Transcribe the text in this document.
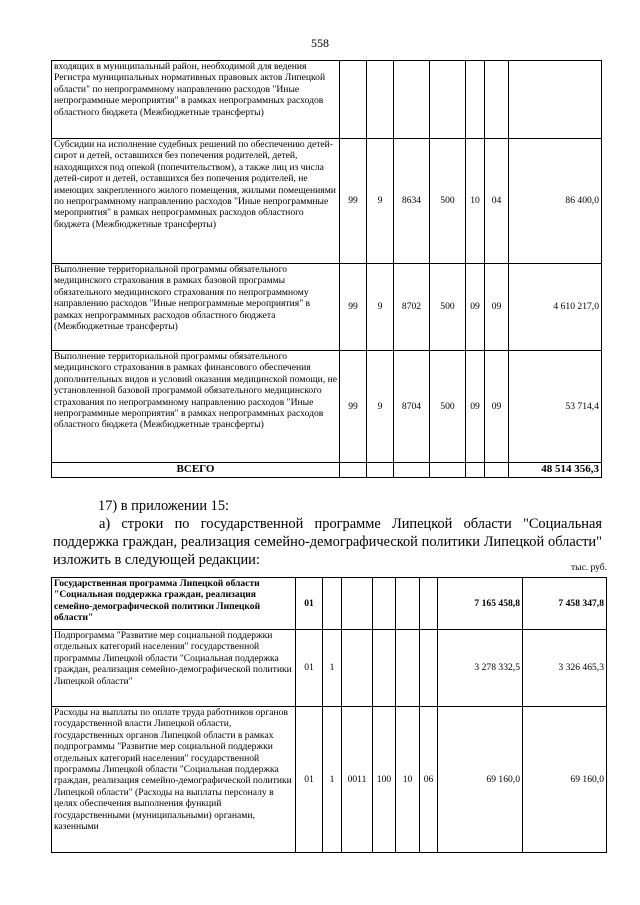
558
входящих в муниципальный район, необходимой для ведения Регистра муниципальных нормативных правовых актов Липецкой области" по непрограммному направлению расходов "Иные непрограммные мероприятия" в рамках непрограммных расходов областного бюджета (Межбюджетные трансферты)							
Субсидии на исполнение судебных решений по обеспечению детей-сирот и детей, оставшихся без попечения родителей, детей, находящихся под опекой (попечительством), а также лиц из числа детей-сирот и детей, оставшихся без попечения родителей, не имеющих закрепленного жилого помещения, жилыми помещениями по непрограммному направлению расходов "Иные непрограммные мероприятия" в рамках непрограммных расходов областного бюджета (Межбюджетные трансферты)	99	9	8634	500	10	04	86 400,0
Выполнение территориальной программы обязательного медицинского страхования в рамках базовой программы обязательного медицинского страхования по непрограммному направлению расходов "Иные непрограммные мероприятия" в рамках непрограммных расходов областного бюджета (Межбюджетные трансферты)	99	9	8702	500	09	09	4 610 217,0
Выполнение территориальной программы обязательного медицинского страхования в рамках финансового обеспечения дополнительных видов и условий оказания медицинской помощи, не установленной базовой программой обязательного медицинского страхования по непрограммному направлению расходов "Иные непрограммные мероприятия" в рамках непрограммных расходов областного бюджета (Межбюджетные трансферты)	99	9	8704	500	09	09	53 714,4
ВСЕГО							48 514 356,3
17) в приложении 15:
а) строки по государственной программе Липецкой области "Социальная поддержка граждан, реализация семейно-демографической политики Липецкой области" изложить в следующей редакции:	тыс. руб.
Государственная программа Липецкой области "Социальная поддержка граждан, реализация семейно-демографической политики Липецкой области"	01						7 165 458,8	7 458 347,8
Подпрограмма "Развитие мер социальной поддержки отдельных категорий населения" государственной программы Липецкой области "Социальная поддержка граждан, реализация семейно-демографической политики Липецкой области"	01	1					3 278 332,5	3 326 465,3
Расходы на выплаты по оплате труда работников органов государственной власти Липецкой области, государственных органов Липецкой области в рамках подпрограммы "Развитие мер социальной поддержки отдельных категорий населения" государственной программы Липецкой области "Социальная поддержка граждан, реализация семейно-демографической политики Липецкой области" (Расходы на выплаты персоналу в целях обеспечения выполнения функций государственными (муниципальными) органами, казенными	01	1	0011	100	10	06	69 160,0	69 160,0
